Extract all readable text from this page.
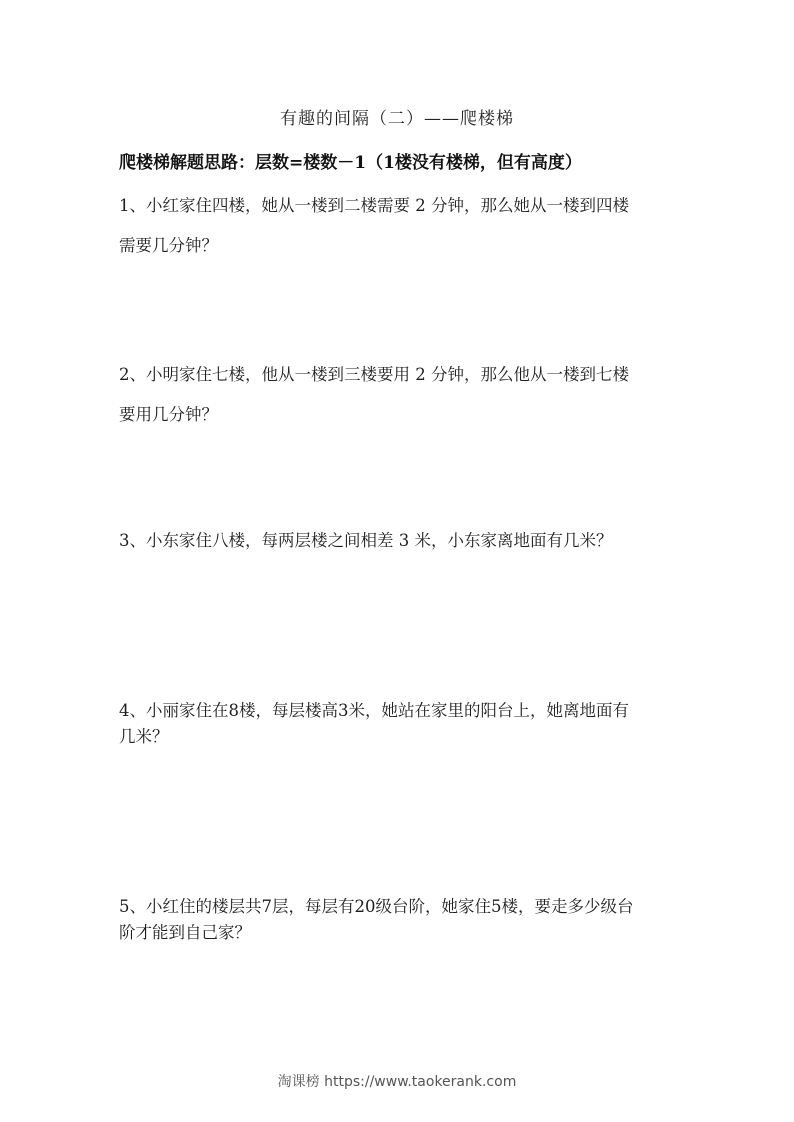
有趣的间隔（二）——爬楼梯
爬楼梯解题思路：层数=楼数－1（1楼没有楼梯，但有高度）
1、小红家住四楼，她从一楼到二楼需要 2 分钟，那么她从一楼到四楼
需要几分钟？
2、小明家住七楼，他从一楼到三楼要用 2 分钟，那么他从一楼到七楼
要用几分钟？
3、小东家住八楼，每两层楼之间相差 3 米，小东家离地面有几米？
4、小丽家住在8楼，每层楼高3米，她站在家里的阳台上，她离地面有
几米？
5、小红住的楼层共7层，每层有20级台阶，她家住5楼，要走多少级台
阶才能到自己家？
淘课榜 https://www.taokerank.com
